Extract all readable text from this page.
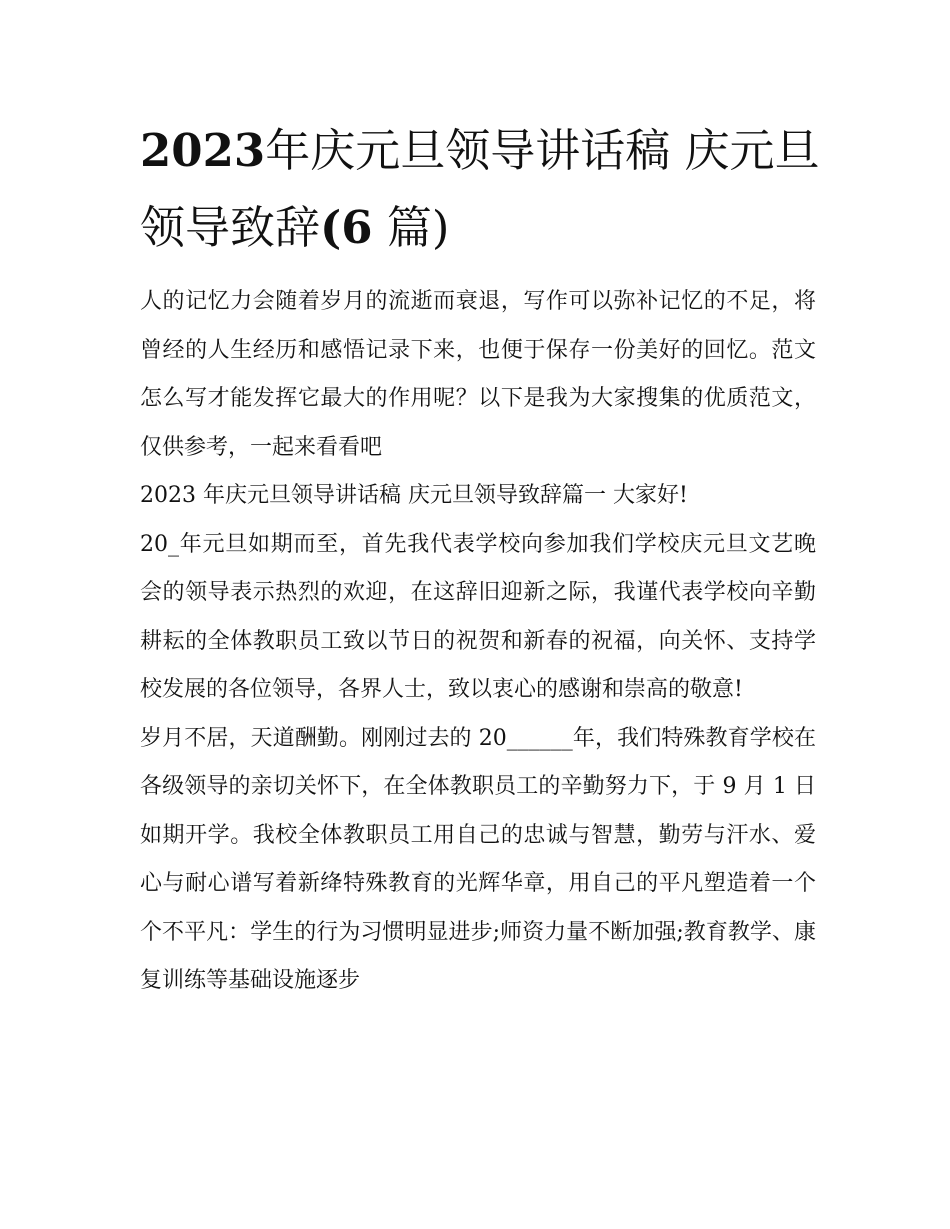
2023年庆元旦领导讲话稿 庆元旦领导致辞(6 篇)

人的记忆力会随着岁月的流逝而衰退，写作可以弥补记忆的不足，将曾经的人生经历和感悟记录下来，也便于保存一份美好的回忆。范文怎么写才能发挥它最大的作用呢？以下是我为大家搜集的优质范文，仅供参考，一起来看看吧

2023 年庆元旦领导讲话稿 庆元旦领导致辞篇一 大家好!

20_年元旦如期而至，首先我代表学校向参加我们学校庆元旦文艺晚会的领导表示热烈的欢迎，在这辞旧迎新之际，我谨代表学校向辛勤耕耘的全体教职员工致以节日的祝贺和新春的祝福，向关怀、支持学校发展的各位领导，各界人士，致以衷心的感谢和崇高的敬意!

岁月不居，天道酬勤。刚刚过去的 20______年，我们特殊教育学校在各级领导的亲切关怀下，在全体教职员工的辛勤努力下，于 9 月 1 日如期开学。我校全体教职员工用自己的忠诚与智慧，勤劳与汗水、爱心与耐心谱写着新绛特殊教育的光辉华章，用自己的平凡塑造着一个个不平凡：学生的行为习惯明显进步;师资力量不断加强;教育教学、康复训练等基础设施逐步
